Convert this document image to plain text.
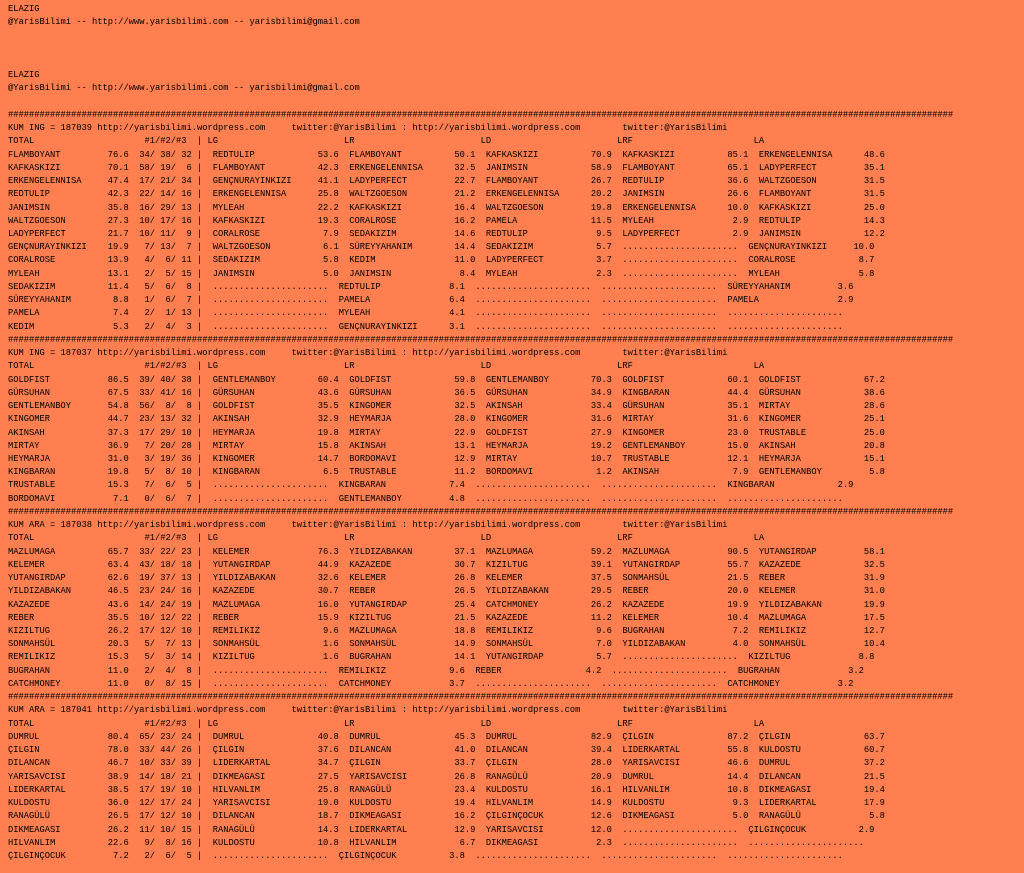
ELAZIG
@YarisBilimi -- http://www.yarisbilimi.com -- yarisbilimi@gmail.com

ELAZIG
@YarisBilimi -- http://www.yarisbilimi.com -- yarisbilimi@gmail.com

####################################################################################################################################################################################
KUM ING = 187039 http://yarisbilimi.wordpress.com     twitter:@YarisBilimi : http://yarisbilimi.wordpress.com        twitter:@YarisBilimi
TOTAL                     #1/#2/#3  | LG                        LR                        LD                        LRF                       LA
FLAMBOYANT         76.6  34/ 38/ 32 |  REDTULIP            53.6  FLAMBOYANT          50.1  KAFKASKIZI          70.9  KAFKASKIZI          85.1  ERKENGELENNISA      48.6
KAFKASKIZI         70.1  58/ 19/  6 |  FLAMBOYANT          42.3  ERKENGELENNISA      32.5  JANIMSIN            58.9  FLAMBOYANT          65.1  LADYPERFECT         35.1
ERKENGELENNISA     47.4  17/ 21/ 34 |  GENÇNURAYINKIZI     41.1  LADYPERFECT         22.7  FLAMBOYANT          26.7  REDTULIP            36.6  WALTZGOESON         31.5
REDTULIP           42.3  22/ 14/ 16 |  ERKENGELENNISA      25.8  WALTZGOESON         21.2  ERKENGELENNISA      20.2  JANIMSIN            26.6  FLAMBOYANT          31.5
JANIMSIN           35.8  16/ 29/ 13 |  MYLEAH              22.2  KAFKASKIZI          16.4  WALTZGOESON         19.8  ERKENGELENNISA      10.0  KAFKASKIZI          25.0
WALTZGOESON        27.3  10/ 17/ 16 |  KAFKASKIZI          19.3  CORALROSE           16.2  PAMELA              11.5  MYLEAH               2.9  REDTULIP            14.3
LADYPERFECT        21.7  10/ 11/  9 |  CORALROSE            7.9  SEDAKIZIM           14.6  REDTULIP             9.5  LADYPERFECT          2.9  JANIMSIN            12.2
GENÇNURAYINKIZI    19.9   7/ 13/  7 |  WALTZGOESON          6.1  SÜREYYAHANIM        14.4  SEDAKIZIM            5.7  ......................  GENÇNURAYINKIZI     10.0
CORALROSE          13.9   4/  6/ 11 |  SEDAKIZIM            5.8  KEDIM               11.0  LADYPERFECT          3.7  ......................  CORALROSE            8.7
MYLEAH             13.1   2/  5/ 15 |  JANIMSIN             5.0  JANIMSIN             8.4  MYLEAH               2.3  ......................  MYLEAH               5.8
SEDAKIZIM          11.4   5/  6/  8 |  ......................  REDTULIP             8.1  ......................  ......................  SÜREYYAHANIM         3.6
SÜREYYAHANIM        8.8   1/  6/  7 |  ......................  PAMELA               6.4  ......................  ......................  PAMELA               2.9
PAMELA              7.4   2/  1/ 13 |  ......................  MYLEAH               4.1  ......................  ......................  ......................
KEDIM               5.3   2/  4/  3 |  ......................  GENÇNURAYINKIZI      3.1  ......................  ......................  ......................
####################################################################################################################################################################################
KUM ING = 187037 http://yarisbilimi.wordpress.com     twitter:@YarisBilimi : http://yarisbilimi.wordpress.com        twitter:@YarisBilimi
TOTAL                     #1/#2/#3  | LG                        LR                        LD                        LRF                       LA
GOLDFIST           86.5  39/ 40/ 38 |  GENTLEMANBOY        60.4  GOLDFIST            59.8  GENTLEMANBOY        70.3  GOLDFIST            60.1  GOLDFIST            67.2
GÜRSUHAN           67.5  33/ 41/ 16 |  GÜRSUHAN            43.6  GÜRSUHAN            36.5  GÜRSUHAN            34.9  KINGBARAN           44.4  GÜRSUHAN            38.6
GENTLEMANBOY       54.8  56/  8/  8 |  GOLDFIST            35.5  KINGOMER            32.5  AKINSAH             33.4  GÜRSUHAN            35.1  MIRTAY              28.6
KINGOMER           44.7  23/ 13/ 32 |  AKINSAH             32.9  HEYMARJA            28.0  KINGOMER            31.6  MIRTAY              31.6  KINGOMER            25.1
AKINSAH            37.3  17/ 29/ 10 |  HEYMARJA            19.8  MIRTAY              22.9  GOLDFIST            27.9  KINGOMER            23.0  TRUSTABLE           25.0
MIRTAY             36.9   7/ 20/ 28 |  MIRTAY              15.8  AKINSAH             13.1  HEYMARJA            19.2  GENTLEMANBOY        15.0  AKINSAH             20.8
HEYMARJA           31.0   3/ 19/ 36 |  KINGOMER            14.7  BORDOMAVI           12.9  MIRTAY              10.7  TRUSTABLE           12.1  HEYMARJA            15.1
KINGBARAN          19.8   5/  8/ 10 |  KINGBARAN            6.5  TRUSTABLE           11.2  BORDOMAVI            1.2  AKINSAH              7.9  GENTLEMANBOY         5.8
TRUSTABLE          15.3   7/  6/  5 |  ......................  KINGBARAN            7.4  ......................  ......................  KINGBARAN            2.9
BORDOMAVI           7.1   0/  6/  7 |  ......................  GENTLEMANBOY         4.8  ......................  ......................  ......................
####################################################################################################################################################################################
KUM ARA = 187038 http://yarisbilimi.wordpress.com     twitter:@YarisBilimi : http://yarisbilimi.wordpress.com        twitter:@YarisBilimi
TOTAL                     #1/#2/#3  | LG                        LR                        LD                        LRF                       LA
MAZLUMAGA          65.7  33/ 22/ 23 |  KELEMER             76.3  YILDIZABAKAN        37.1  MAZLUMAGA           59.2  MAZLUMAGA           90.5  YUTANGIRDAP         58.1
KELEMER            63.4  43/ 18/ 18 |  YUTANGIRDAP         44.9  KAZAZEDE            30.7  KIZILTUG            39.1  YUTANGIRDAP         55.7  KAZAZEDE            32.5
YUTANGIRDAP        62.6  19/ 37/ 13 |  YILDIZABAKAN        32.6  KELEMER             26.8  KELEMER             37.5  SONMAHSÜL           21.5  REBER               31.9
YILDIZABAKAN       46.5  23/ 24/ 16 |  KAZAZEDE            30.7  REBER               26.5  YILDIZABAKAN        29.5  REBER               20.0  KELEMER             31.0
KAZAZEDE           43.6  14/ 24/ 19 |  MAZLUMAGA           16.0  YUTANGIRDAP         25.4  CATCHMONEY          26.2  KAZAZEDE            19.9  YILDIZABAKAN        19.9
REBER              35.5  10/ 12/ 22 |  REBER               15.9  KIZILTUG            21.5  KAZAZEDE            11.2  KELEMER             10.4  MAZLUMAGA           17.5
KIZILTUG           26.2  17/ 12/ 10 |  REMILIKIZ            9.6  MAZLUMAGA           18.8  REMILIKIZ            9.6  BUGRAHAN             7.2  REMILIKIZ           12.7
SONMAHSÜL          20.3   5/  7/ 13 |  SONMAHSÜL            1.6  SONMAHSÜL           14.9  SONMAHSÜL            7.0  YILDIZABAKAN         4.0  SONMAHSÜL           10.4
REMILIKIZ          15.3   5/  3/ 14 |  KIZILTUG             1.6  BUGRAHAN            14.1  YUTANGIRDAP          5.7  ......................  KIZILTUG             8.8
BUGRAHAN           11.0   2/  4/  8 |  ......................  REMILIKIZ            9.6  REBER                4.2  ......................  BUGRAHAN             3.2
CATCHMONEY         11.0   0/  8/ 15 |  ......................  CATCHMONEY           3.7  ......................  ......................  CATCHMONEY           3.2
####################################################################################################################################################################################
KUM ARA = 187041 http://yarisbilimi.wordpress.com     twitter:@YarisBilimi : http://yarisbilimi.wordpress.com        twitter:@YarisBilimi
TOTAL                     #1/#2/#3  | LG                        LR                        LD                        LRF                       LA
DUMRUL             80.4  65/ 23/ 24 |  DUMRUL              40.8  DUMRUL              45.3  DUMRUL              82.9  ÇILGIN              87.2  ÇILGIN              63.7
ÇILGIN             78.0  33/ 44/ 26 |  ÇILGIN              37.6  DILANCAN            41.0  DILANCAN            39.4  LIDERKARTAL         55.8  KULDOSTU            60.7
DILANCAN           46.7  10/ 33/ 39 |  LIDERKARTAL         34.7  ÇILGIN              33.7  ÇILGIN              28.0  YARISAVCISI         46.6  DUMRUL              37.2
YARISAVCISI        38.9  14/ 18/ 21 |  DIKMEAGASI          27.5  YARISAVCISI         26.8  RANAGÜLÜ            20.9  DUMRUL              14.4  DILANCAN            21.5
LIDERKARTAL        38.5  17/ 19/ 10 |  HILVANLIM           25.8  RANAGÜLÜ            23.4  KULDOSTU            16.1  HILVANLIM           10.8  DIKMEAGASI          19.4
KULDOSTU           36.0  12/ 17/ 24 |  YARISAVCISI         19.0  KULDOSTU            19.4  HILVANLIM           14.9  KULDOSTU             9.3  LIDERKARTAL         17.9
RANAGÜLÜ           26.5  17/ 12/ 10 |  DILANCAN            18.7  DIKMEAGASI          16.2  ÇILGINÇOCUK         12.6  DIKMEAGASI           5.0  RANAGÜLÜ             5.8
DIKMEAGASI         26.2  11/ 10/ 15 |  RANAGÜLÜ            14.3  LIDERKARTAL         12.9  YARISAVCISI         12.0  ......................  ÇILGINÇOCUK          2.9
HILVANLIM          22.6   9/  8/ 16 |  KULDOSTU            10.8  HILVANLIM            6.7  DIKMEAGASI           2.3  ......................  ......................
ÇILGINÇOCUK         7.2   2/  6/  5 |  ......................  ÇILGINÇOCUK          3.8  ......................  ......................  ......................
